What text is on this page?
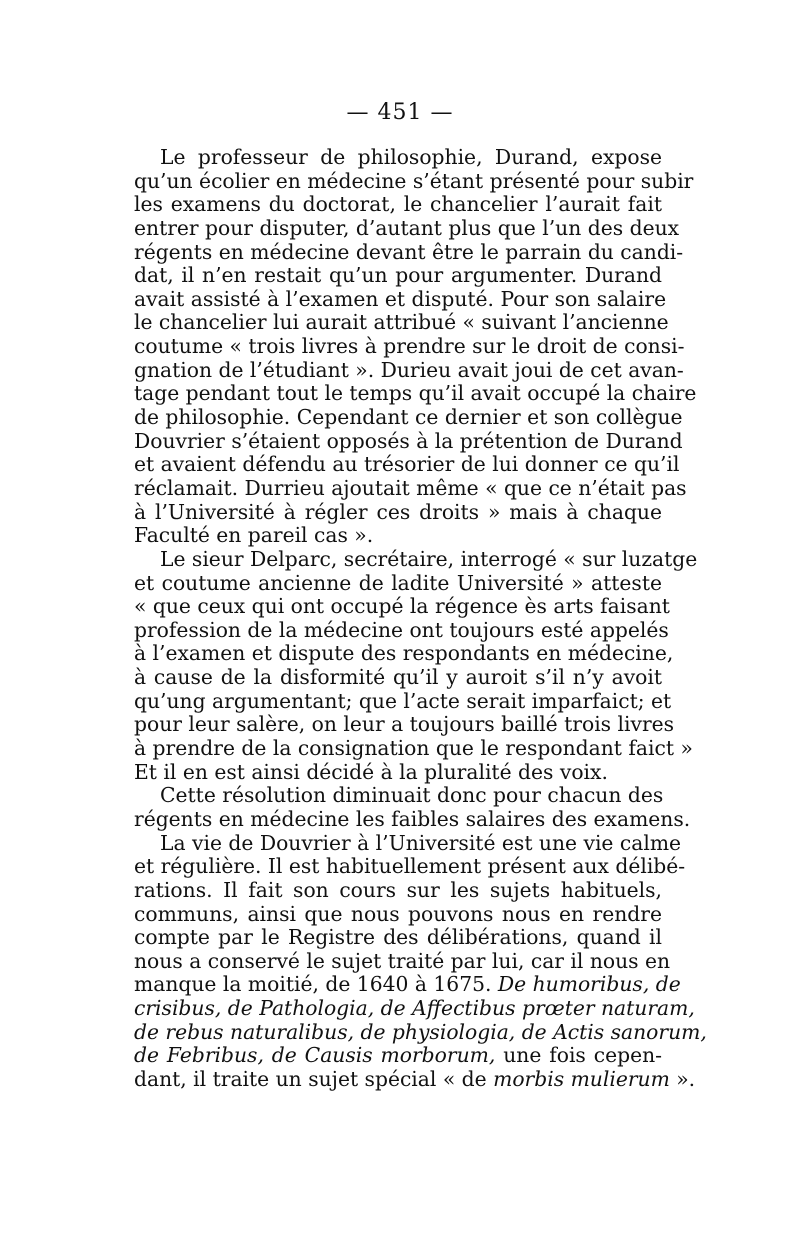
— 451 —
Le professeur de philosophie, Durand, expose
qu’un écolier en médecine s’étant présenté pour subir
les examens du doctorat, le chancelier l’aurait fait
entrer pour disputer, d’autant plus que l’un des deux
régents en médecine devant être le parrain du candi-
dat, il n’en restait qu’un pour argumenter. Durand
avait assisté à l’examen et disputé. Pour son salaire
le chancelier lui aurait attribué « suivant l’ancienne
coutume « trois livres à prendre sur le droit de consi-
gnation de l’étudiant ». Durieu avait joui de cet avan-
tage pendant tout le temps qu’il avait occupé la chaire
de philosophie. Cependant ce dernier et son collègue
Douvrier s’étaient opposés à la prétention de Durand
et avaient défendu au trésorier de lui donner ce qu’il
réclamait. Durrieu ajoutait même « que ce n’était pas
à l’Université à régler ces droits » mais à chaque
Faculté en pareil cas ».
Le sieur Delparc, secrétaire, interrogé « sur luzatge
et coutume ancienne de ladite Université » atteste
« que ceux qui ont occupé la régence ès arts faisant
profession de la médecine ont toujours esté appelés
à l’examen et dispute des respondants en médecine,
à cause de la disformité qu’il y auroit s’il n’y avoit
qu’ung argumentant; que l’acte serait imparfaict; et
pour leur salère, on leur a toujours baillé trois livres
à prendre de la consignation que le respondant faict »
Et il en est ainsi décidé à la pluralité des voix.
Cette résolution diminuait donc pour chacun des
régents en médecine les faibles salaires des examens.
La vie de Douvrier à l’Université est une vie calme
et régulière. Il est habituellement présent aux délibé-
rations. Il fait son cours sur les sujets habituels,
communs, ainsi que nous pouvons nous en rendre
compte par le Registre des délibérations, quand il
nous a conservé le sujet traité par lui, car il nous en
manque la moitié, de 1640 à 1675. De humoribus, de
crisibus, de Pathologia, de Affectibus prœter naturam,
de rebus naturalibus, de physiologia, de Actis sanorum,
de Febribus, de Causis morborum, une fois cepen-
dant, il traite un sujet spécial « de morbis mulierum ».
